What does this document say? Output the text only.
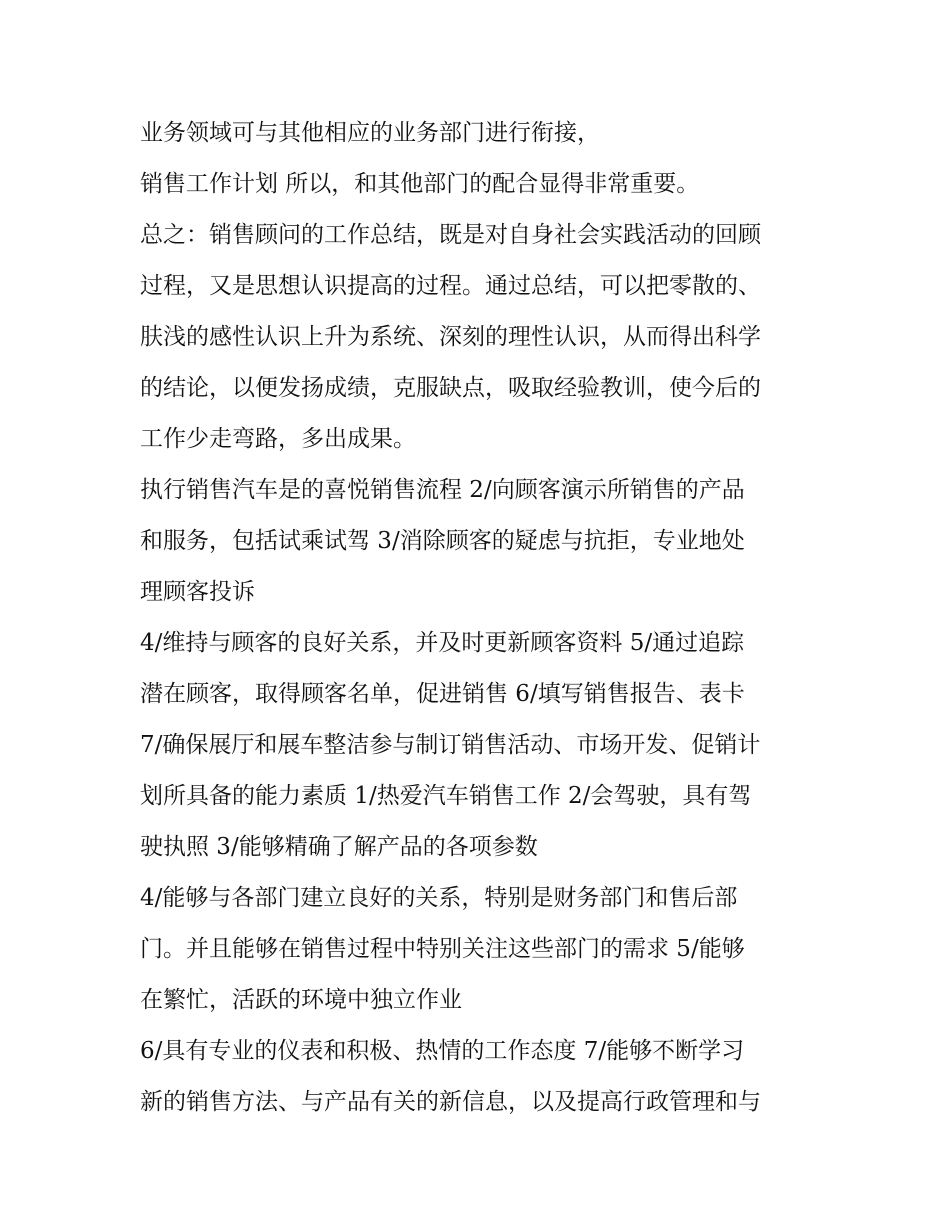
业务领域可与其他相应的业务部门进行衔接，
销售工作计划 所以，和其他部门的配合显得非常重要。
总之：销售顾问的工作总结，既是对自身社会实践活动的回顾
过程，又是思想认识提高的过程。通过总结，可以把零散的、
肤浅的感性认识上升为系统、深刻的理性认识，从而得出科学
的结论，以便发扬成绩，克服缺点，吸取经验教训，使今后的
工作少走弯路，多出成果。
执行销售汽车是的喜悦销售流程 2/向顾客演示所销售的产品
和服务，包括试乘试驾 3/消除顾客的疑虑与抗拒，专业地处
理顾客投诉
4/维持与顾客的良好关系，并及时更新顾客资料 5/通过追踪
潜在顾客，取得顾客名单，促进销售 6/填写销售报告、表卡
7/确保展厅和展车整洁参与制订销售活动、市场开发、促销计
划所具备的能力素质 1/热爱汽车销售工作 2/会驾驶，具有驾
驶执照 3/能够精确了解产品的各项参数
4/能够与各部门建立良好的关系，特别是财务部门和售后部
门。并且能够在销售过程中特别关注这些部门的需求 5/能够
在繁忙，活跃的环境中独立作业
6/具有专业的仪表和积极、热情的工作态度 7/能够不断学习
新的销售方法、与产品有关的新信息，以及提高行政管理和与
